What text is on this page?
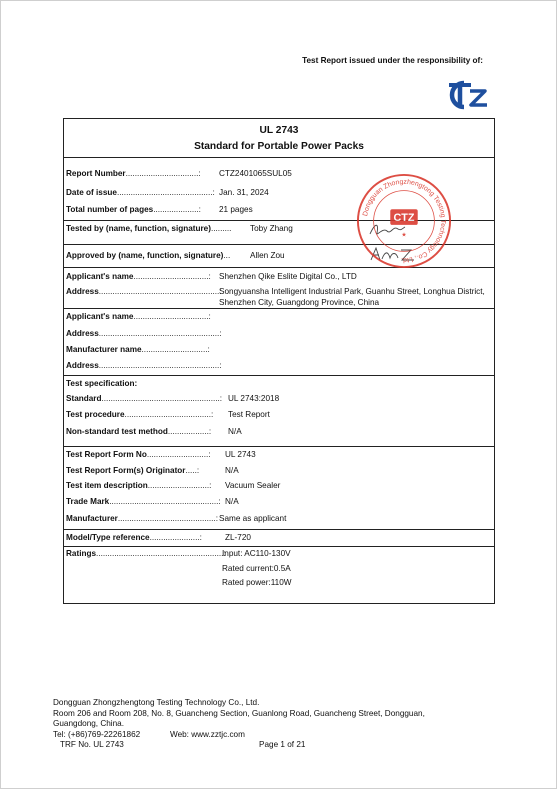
Test Report issued under the responsibility of:
UL 2743
Standard for Portable Power Packs
Report Number................................: CTZ2401065SUL05
Date of issue..........................................: Jan. 31, 2024
Total number of pages....................: 21 pages
Tested by (name, function, signature)......... Toby Zhang
Approved by (name, function, signature)... Allen Zou
Applicant's name.................................: Shenzhen Qike Eslite Digital Co., LTD
Address.....................................................:
Songyuansha Intelligent Industrial Park, Guanhu Street, Longhua District, Shenzhen City, Guangdong Province, China
Applicant's name.................................:
Address.....................................................:
Manufacturer name.............................:
Address.....................................................:
Test specification:
Standard....................................................: UL 2743:2018
Test procedure......................................: Test Report
Non-standard test method..................: N/A
Test Report Form No...........................: UL 2743
Test Report Form(s) Originator.....:	N/A
Test item description...........................: Vacuum Sealer
Trade Mark................................................: N/A
Manufacturer...........................................: Same as applicant
Model/Type reference......................:	ZL-720
Ratings........................................................:
Input: AC110-130V
Rated current:0.5A
Rated power:110W
Dongguan Zhongzhengtong Testing Technology Co., Ltd.
CTZ
★
Dongguan Zhongzhengtong Testing Technology Co., Ltd.
Room 206 and Room 208, No. 8, Guancheng Section, Guanlong Road, Guancheng Street, Dongguan,
Guangdong, China.
Tel: (+86)769-22261862	Web: www.zztjc.com
TRF No. UL 2743	Page 1 of 21
